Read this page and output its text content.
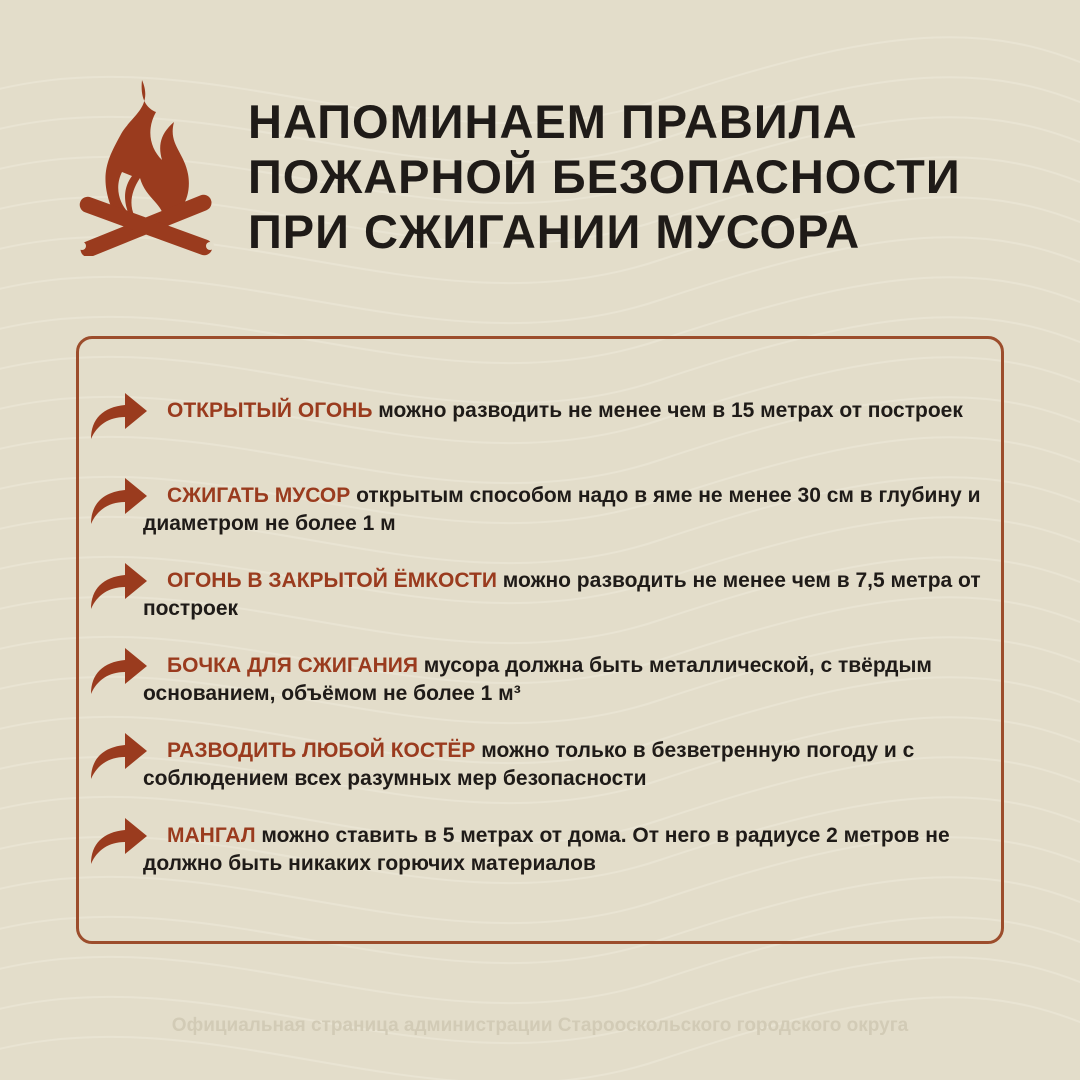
НАПОМИНАЕМ ПРАВИЛА
ПОЖАРНОЙ БЕЗОПАСНОСТИ
ПРИ СЖИГАНИИ МУСОРА
ОТКРЫТЫЙ ОГОНЬ можно разводить не менее чем в 15 метрах от построек
СЖИГАТЬ МУСОР открытым способом надо в яме не менее 30 см в глубину и диаметром не более 1 м
ОГОНЬ В ЗАКРЫТОЙ ЁМКОСТИ можно разводить не менее чем в 7,5 метра от построек
БОЧКА ДЛЯ СЖИГАНИЯ мусора должна быть металлической, с твёрдым основанием, объёмом не более 1 м³
РАЗВОДИТЬ ЛЮБОЙ КОСТЁР можно только в безветренную погоду и с соблюдением всех разумных мер безопасности
МАНГАЛ можно ставить в 5 метрах от дома. От него в радиусе 2 метров не должно быть никаких горючих материалов
Официальная страница администрации Старооскольского городского округа
